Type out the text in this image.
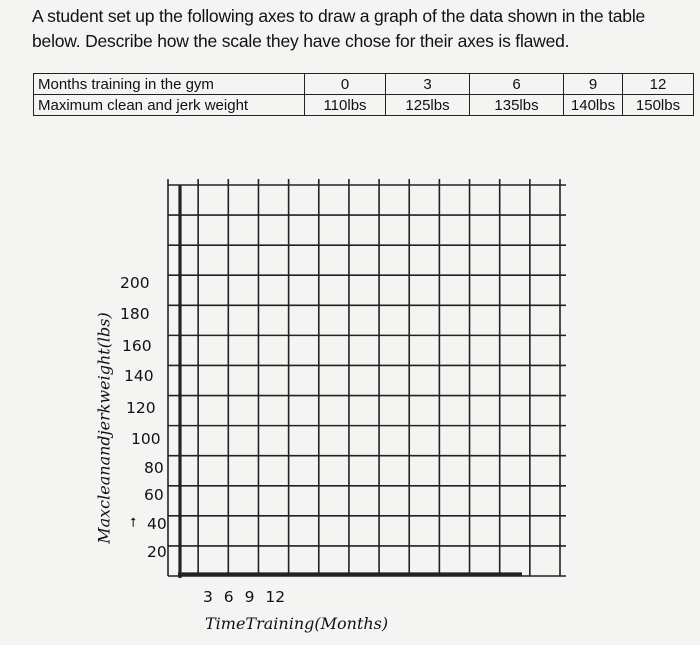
A student set up the following axes to draw a graph of the data shown in the table
below. Describe how the scale they have chose for their axes is flawed.
Months training in the gym	0	3	6	9	12
Maximum clean and jerk weight	110lbs	125lbs	135lbs	140lbs	150lbs
Maxcleanandjerkweight(lbs)
200
180
160
140
120
100
80
60
40
20
⭡
3 6 9 12
TimeTraining(Months)
